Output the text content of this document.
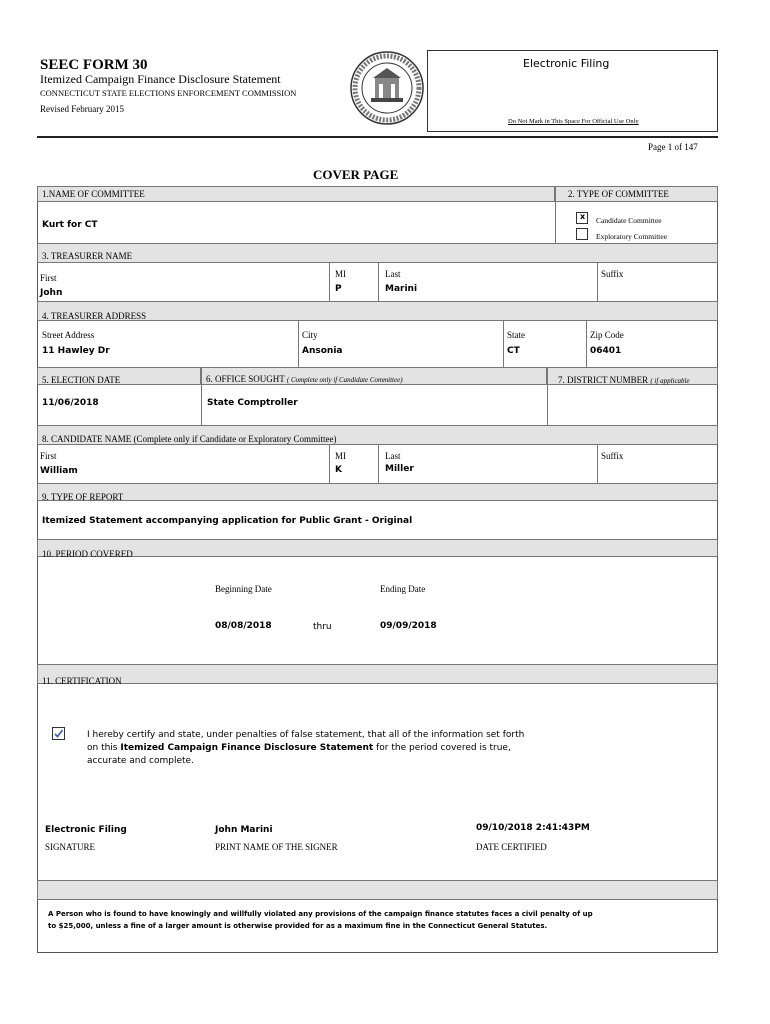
SEEC FORM 30
Itemized Campaign Finance Disclosure Statement
CONNECTICUT STATE ELECTIONS ENFORCEMENT COMMISSION
Revised February 2015
Electronic Filing
Do Not Mark in This Space For Official Use Only
Page 1 of 147
COVER PAGE
1.NAME OF COMMITTEE	2. TYPE OF COMMITTEE
Kurt for CT
x Candidate Committee
Exploratory Committee
3. TREASURER NAME
First
John
MI
P
Last
Marini
Suffix
4. TREASURER ADDRESS
Street Address
11 Hawley Dr
City
Ansonia
State
CT
Zip Code
06401
5. ELECTION DATE	6. OFFICE SOUGHT ( Complete only if Candidate Committee)	7. DISTRICT NUMBER ( if applicable
11/06/2018	State Comptroller
8. CANDIDATE NAME (Complete only if Candidate or Exploratory Committee)
First
William
MI
K
Last
Miller
Suffix
9. TYPE OF REPORT
Itemized Statement accompanying application for Public Grant - Original
10. PERIOD COVERED
Beginning Date	Ending Date
08/08/2018	thru	09/09/2018
11. CERTIFICATION
I hereby certify and state, under penalties of false statement, that all of the information set forth
on this Itemized Campaign Finance Disclosure Statement for the period covered is true,
accurate and complete.
Electronic Filing
SIGNATURE
John Marini
PRINT NAME OF THE SIGNER
09/10/2018 2:41:43PM
DATE CERTIFIED
A Person who is found to have knowingly and willfully violated any provisions of the campaign finance statutes faces a civil penalty of up
to $25,000, unless a fine of a larger amount is otherwise provided for as a maximum fine in the Connecticut General Statutes.
